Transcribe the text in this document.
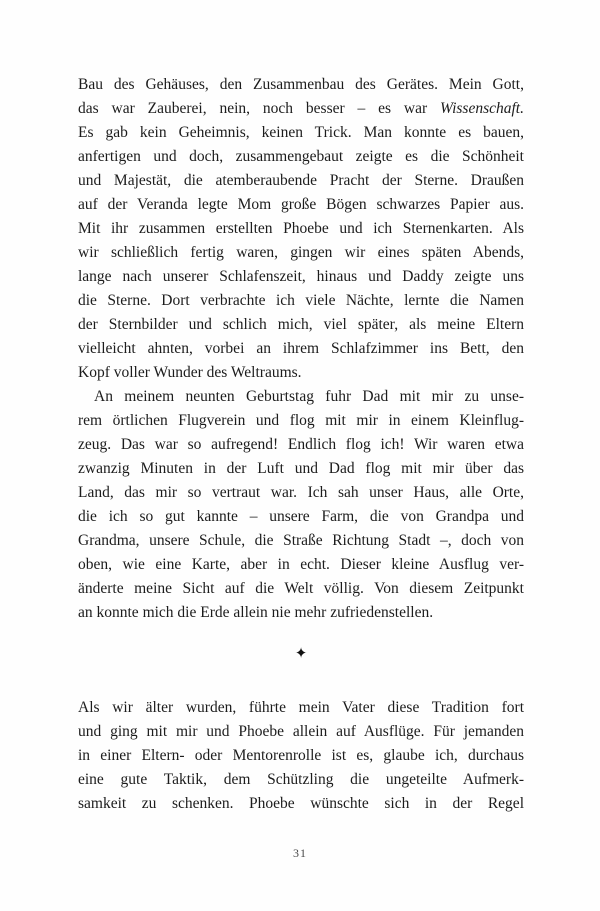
Bau des Gehäuses, den Zusammenbau des Gerätes. Mein Gott,
das war Zauberei, nein, noch besser – es war Wissenschaft.
Es gab kein Geheimnis, keinen Trick. Man konnte es bauen,
anfertigen und doch, zusammengebaut zeigte es die Schönheit
und Majestät, die atemberaubende Pracht der Sterne. Draußen
auf der Veranda legte Mom große Bögen schwarzes Papier aus.
Mit ihr zusammen erstellten Phoebe und ich Sternenkarten. Als
wir schließlich fertig waren, gingen wir eines späten Abends,
lange nach unserer Schlafenszeit, hinaus und Daddy zeigte uns
die Sterne. Dort verbrachte ich viele Nächte, lernte die Namen
der Sternbilder und schlich mich, viel später, als meine Eltern
vielleicht ahnten, vorbei an ihrem Schlafzimmer ins Bett, den
Kopf voller Wunder des Weltraums.
An meinem neunten Geburtstag fuhr Dad mit mir zu unse-
rem örtlichen Flugverein und flog mit mir in einem Kleinflug-
zeug. Das war so aufregend! Endlich flog ich! Wir waren etwa
zwanzig Minuten in der Luft und Dad flog mit mir über das
Land, das mir so vertraut war. Ich sah unser Haus, alle Orte,
die ich so gut kannte – unsere Farm, die von Grandpa und
Grandma, unsere Schule, die Straße Richtung Stadt –, doch von
oben, wie eine Karte, aber in echt. Dieser kleine Ausflug ver-
änderte meine Sicht auf die Welt völlig. Von diesem Zeitpunkt
an konnte mich die Erde allein nie mehr zufriedenstellen.
✦
Als wir älter wurden, führte mein Vater diese Tradition fort
und ging mit mir und Phoebe allein auf Ausflüge. Für jemanden
in einer Eltern- oder Mentorenrolle ist es, glaube ich, durchaus
eine gute Taktik, dem Schützling die ungeteilte Aufmerk-
samkeit zu schenken. Phoebe wünschte sich in der Regel
31
